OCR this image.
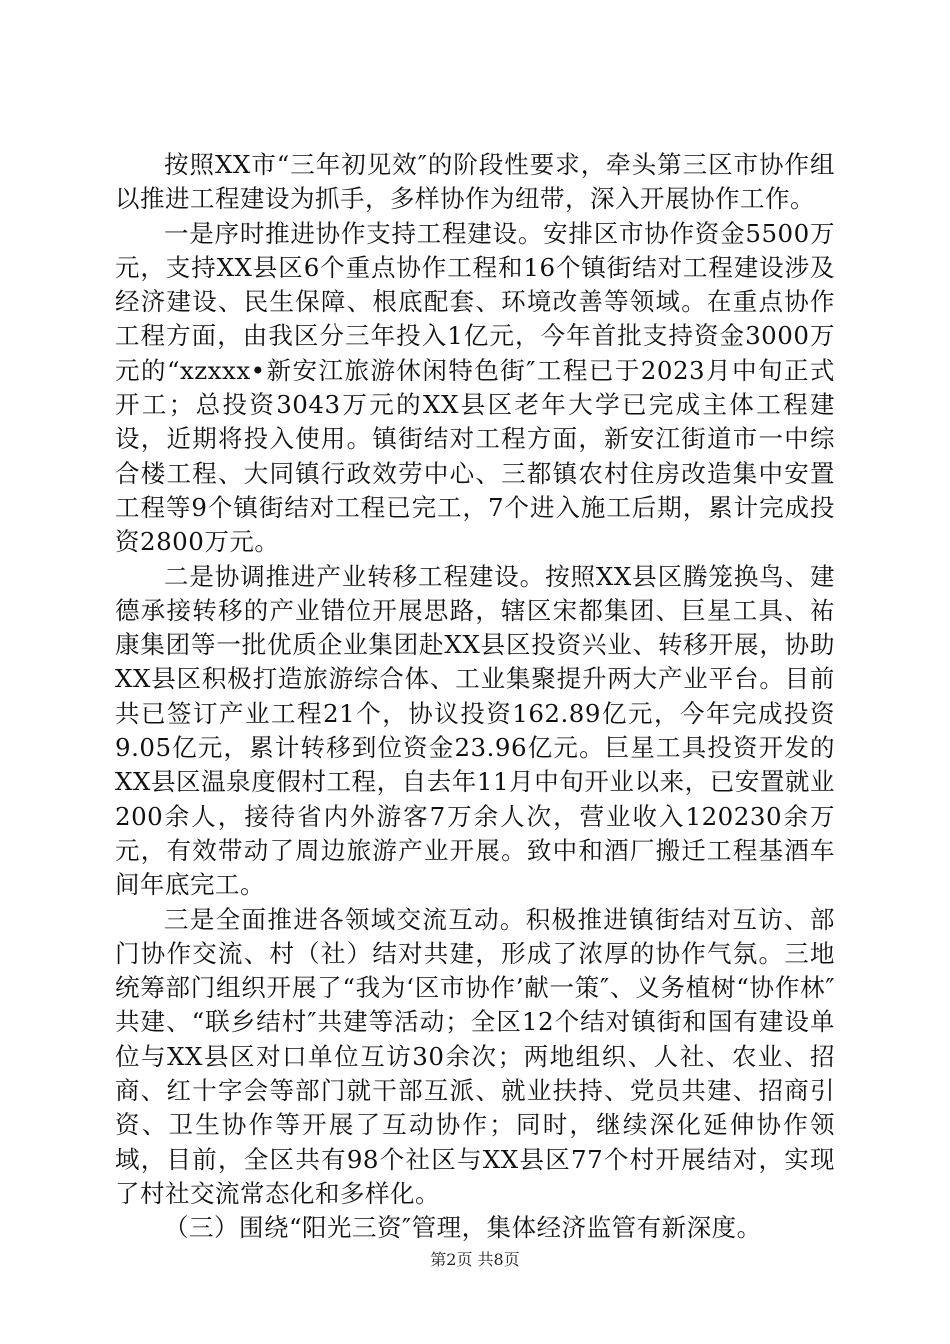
按照XX市“三年初见效″的阶段性要求，牵头第三区市协作组以推进工程建设为抓手，多样协作为纽带，深入开展协作工作。

一是序时推进协作支持工程建设。安排区市协作资金5500万元，支持XX县区6个重点协作工程和16个镇街结对工程建设涉及经济建设、民生保障、根底配套、环境改善等领域。在重点协作工程方面，由我区分三年投入1亿元，今年首批支持资金3000万元的“xzxxx•新安江旅游休闲特色街″工程已于2023月中旬正式开工；总投资3043万元的XX县区老年大学已完成主体工程建设，近期将投入使用。镇街结对工程方面，新安江街道市一中综合楼工程、大同镇行政效劳中心、三都镇农村住房改造集中安置工程等9个镇街结对工程已完工，7个进入施工后期，累计完成投资2800万元。

二是协调推进产业转移工程建设。按照XX县区腾笼换鸟、建德承接转移的产业错位开展思路，辖区宋都集团、巨星工具、祐康集团等一批优质企业集团赴XX县区投资兴业、转移开展，协助XX县区积极打造旅游综合体、工业集聚提升两大产业平台。目前共已签订产业工程21个，协议投资162.89亿元，今年完成投资9.05亿元，累计转移到位资金23.96亿元。巨星工具投资开发的XX县区温泉度假村工程，自去年11月中旬开业以来，已安置就业200余人，接待省内外游客7万余人次，营业收入120230余万元，有效带动了周边旅游产业开展。致中和酒厂搬迁工程基酒车间年底完工。

三是全面推进各领域交流互动。积极推进镇街结对互访、部门协作交流、村（社）结对共建，形成了浓厚的协作气氛。三地统筹部门组织开展了“我为‘区市协作’献一策″、义务植树“协作林″共建、“联乡结村″共建等活动；全区12个结对镇街和国有建设单位与XX县区对口单位互访30余次；两地组织、人社、农业、招商、红十字会等部门就干部互派、就业扶持、党员共建、招商引资、卫生协作等开展了互动协作；同时，继续深化延伸协作领域，目前，全区共有98个社区与XX县区77个村开展结对，实现了村社交流常态化和多样化。

（三）围绕“阳光三资″管理，集体经济监管有新深度。

第2页 共8页
